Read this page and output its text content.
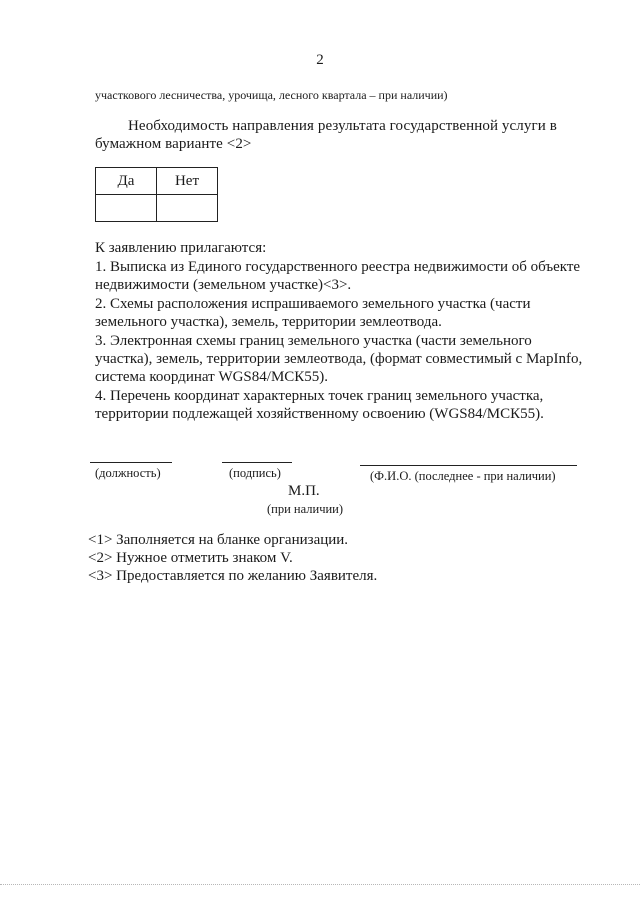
2
участкового лесничества, урочища, лесного квартала – при наличии)
Необходимость направления результата государственной услуги в
бумажном варианте <2>
Да	Нет

К заявлению прилагаются:
1. Выписка из Единого государственного реестра недвижимости об объекте
недвижимости (земельном участке)<3>.
2. Схемы расположения испрашиваемого земельного участка (части
земельного участка), земель, территории землеотвода.
3. Электронная схемы границ земельного участка (части земельного
участка), земель, территории землеотвода, (формат совместимый с MapInfo,
система координат WGS84/МСК55).
4. Перечень координат характерных точек границ земельного участка,
территории подлежащей хозяйственному освоению (WGS84/МСК55).
(должность)	(подпись)	(Ф.И.О. (последнее - при наличии)
М.П.
(при наличии)
<1> Заполняется на бланке организации.
<2> Нужное отметить знаком V.
<3> Предоставляется по желанию Заявителя.
